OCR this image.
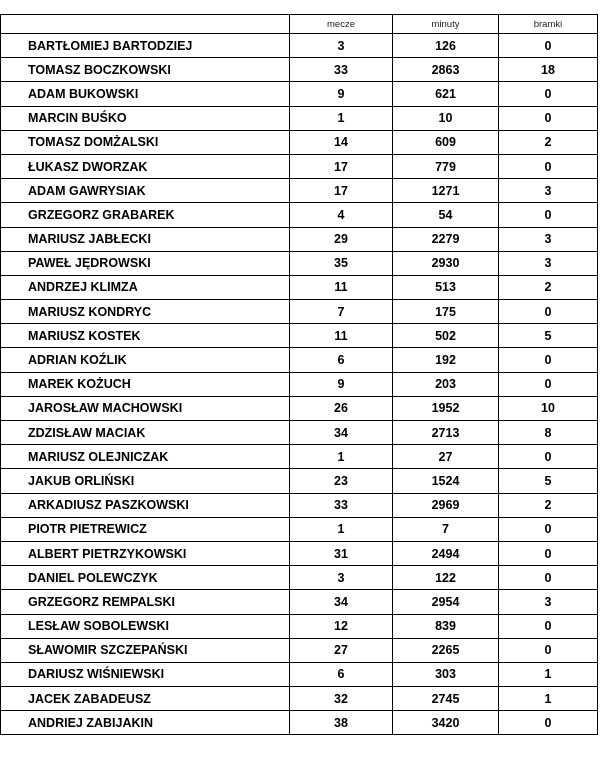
	mecze	minuty	bramki
BARTŁOMIEJ BARTODZIEJ	3	126	0
TOMASZ BOCZKOWSKI	33	2863	18
ADAM BUKOWSKI	9	621	0
MARCIN BUŚKO	1	10	0
TOMASZ DOMŻALSKI	14	609	2
ŁUKASZ DWORZAK	17	779	0
ADAM GAWRYSIAK	17	1271	3
GRZEGORZ GRABAREK	4	54	0
MARIUSZ JABŁECKI	29	2279	3
PAWEŁ JĘDROWSKI	35	2930	3
ANDRZEJ KLIMZA	11	513	2
MARIUSZ KONDRYC	7	175	0
MARIUSZ KOSTEK	11	502	5
ADRIAN KOŹLIK	6	192	0
MAREK KOŻUCH	9	203	0
JAROSŁAW MACHOWSKI	26	1952	10
ZDZISŁAW MACIAK	34	2713	8
MARIUSZ OLEJNICZAK	1	27	0
JAKUB ORLIŃSKI	23	1524	5
ARKADIUSZ PASZKOWSKI	33	2969	2
PIOTR PIETREWICZ	1	7	0
ALBERT PIETRZYKOWSKI	31	2494	0
DANIEL POLEWCZYK	3	122	0
GRZEGORZ REMPALSKI	34	2954	3
LESŁAW SOBOLEWSKI	12	839	0
SŁAWOMIR SZCZEPAŃSKI	27	2265	0
DARIUSZ WIŚNIEWSKI	6	303	1
JACEK ZABADEUSZ	32	2745	1
ANDRIEJ ZABIJAKIN	38	3420	0
